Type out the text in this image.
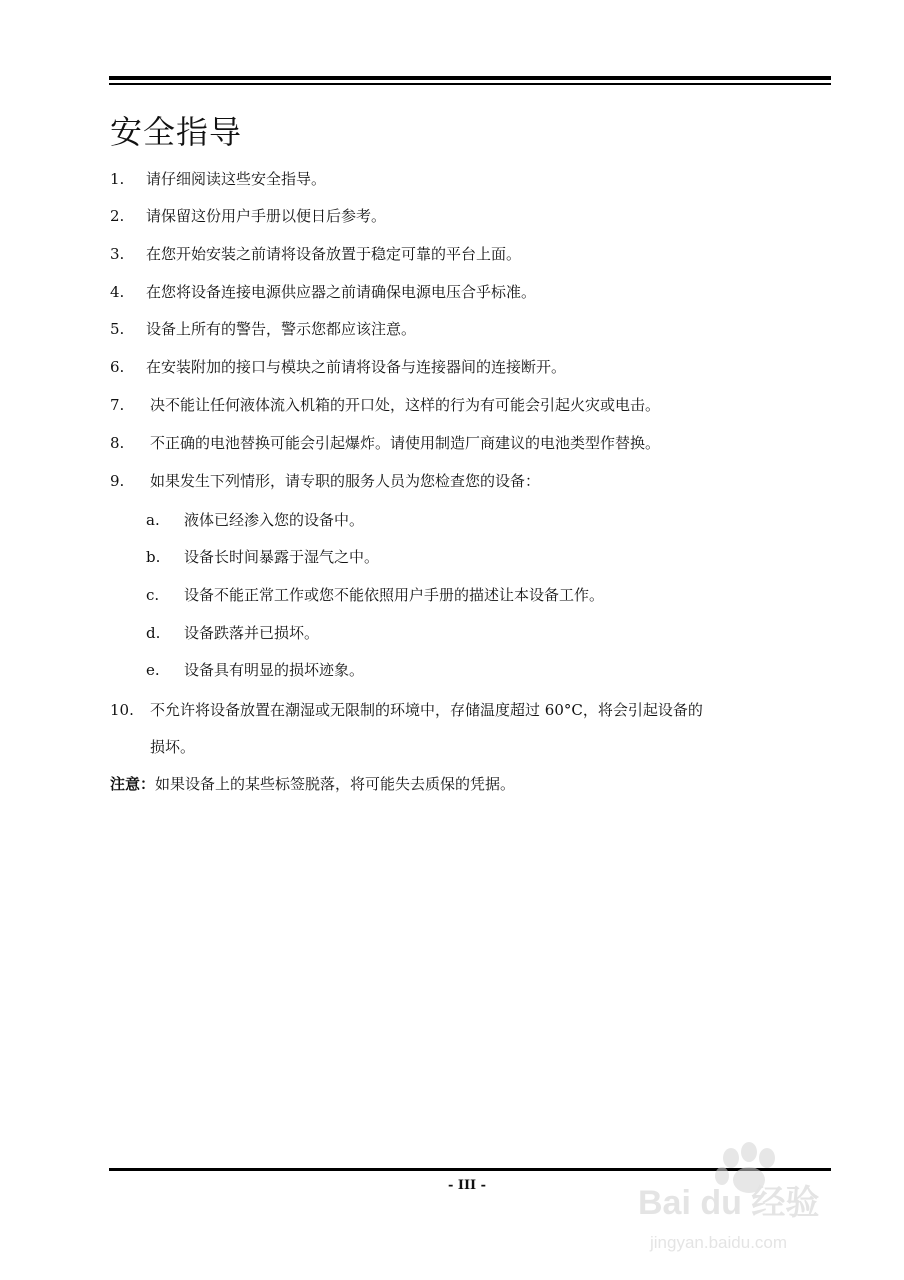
安全指导
1. 请仔细阅读这些安全指导。
2. 请保留这份用户手册以便日后参考。
3. 在您开始安装之前请将设备放置于稳定可靠的平台上面。
4. 在您将设备连接电源供应器之前请确保电源电压合乎标准。
5. 设备上所有的警告，警示您都应该注意。
6. 在安装附加的接口与模块之前请将设备与连接器间的连接断开。
7. 决不能让任何液体流入机箱的开口处，这样的行为有可能会引起火灾或电击。
8. 不正确的电池替换可能会引起爆炸。请使用制造厂商建议的电池类型作替换。
9. 如果发生下列情形，请专职的服务人员为您检查您的设备：
a. 液体已经渗入您的设备中。
b. 设备长时间暴露于湿气之中。
c. 设备不能正常工作或您不能依照用户手册的描述让本设备工作。
d. 设备跌落并已损坏。
e. 设备具有明显的损坏迹象。
10. 不允许将设备放置在潮湿或无限制的环境中，存储温度超过 60°C，将会引起设备的
损坏。
注意：如果设备上的某些标签脱落，将可能失去质保的凭据。
- III -	Bai du 经验
jingyan.baidu.com
